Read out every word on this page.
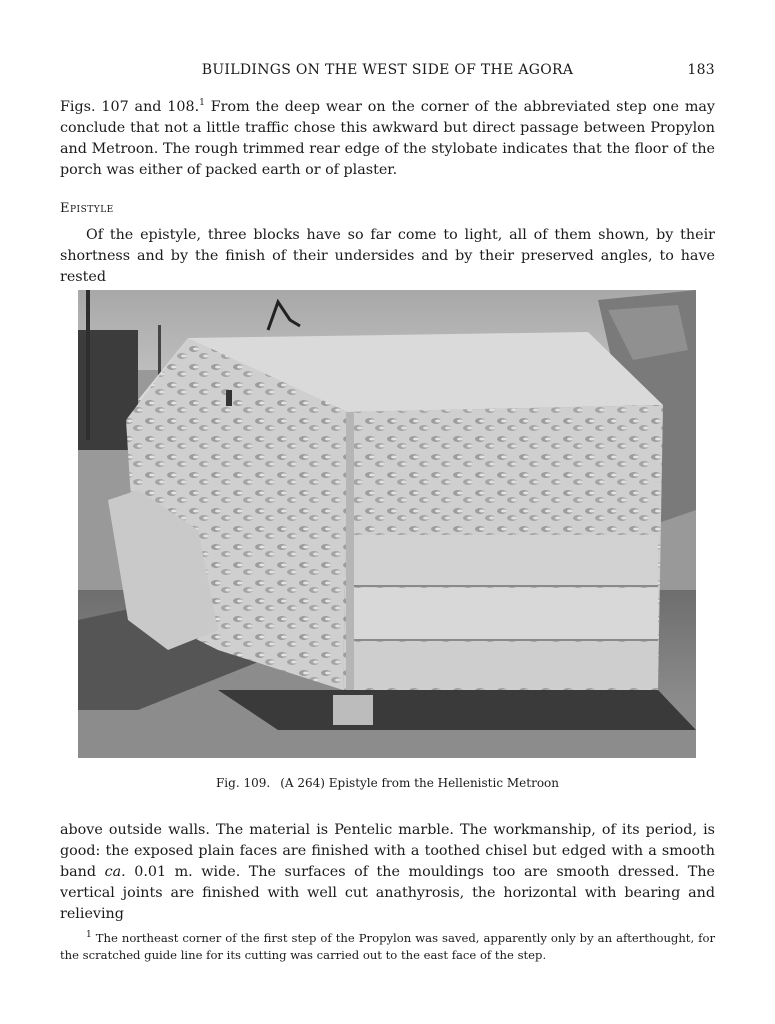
BUILDINGS ON THE WEST SIDE OF THE AGORA	183

Figs. 107 and 108.$^1$ From the deep wear on the corner of the abbreviated step one may conclude that not a little traffic chose this awkward but direct passage between Propylon and Metroon. The rough trimmed rear edge of the stylobate indicates that the floor of the porch was either of packed earth or of plaster.

Epistyle

Of the epistyle, three blocks have so far come to light, all of them shown, by their shortness and by the finish of their undersides and by their preserved angles, to have rested

Fig. 109. (A 264) Epistyle from the Hellenistic Metroon

above outside walls. The material is Pentelic marble. The workmanship, of its period, is good: the exposed plain faces are finished with a toothed chisel but edged with a smooth band ca. 0.01 m. wide. The surfaces of the mouldings too are smooth dressed. The vertical joints are finished with well cut anathyrosis, the horizontal with bearing and relieving

$^1$ The northeast corner of the first step of the Propylon was saved, apparently only by an afterthought, for the scratched guide line for its cutting was carried out to the east face of the step.
